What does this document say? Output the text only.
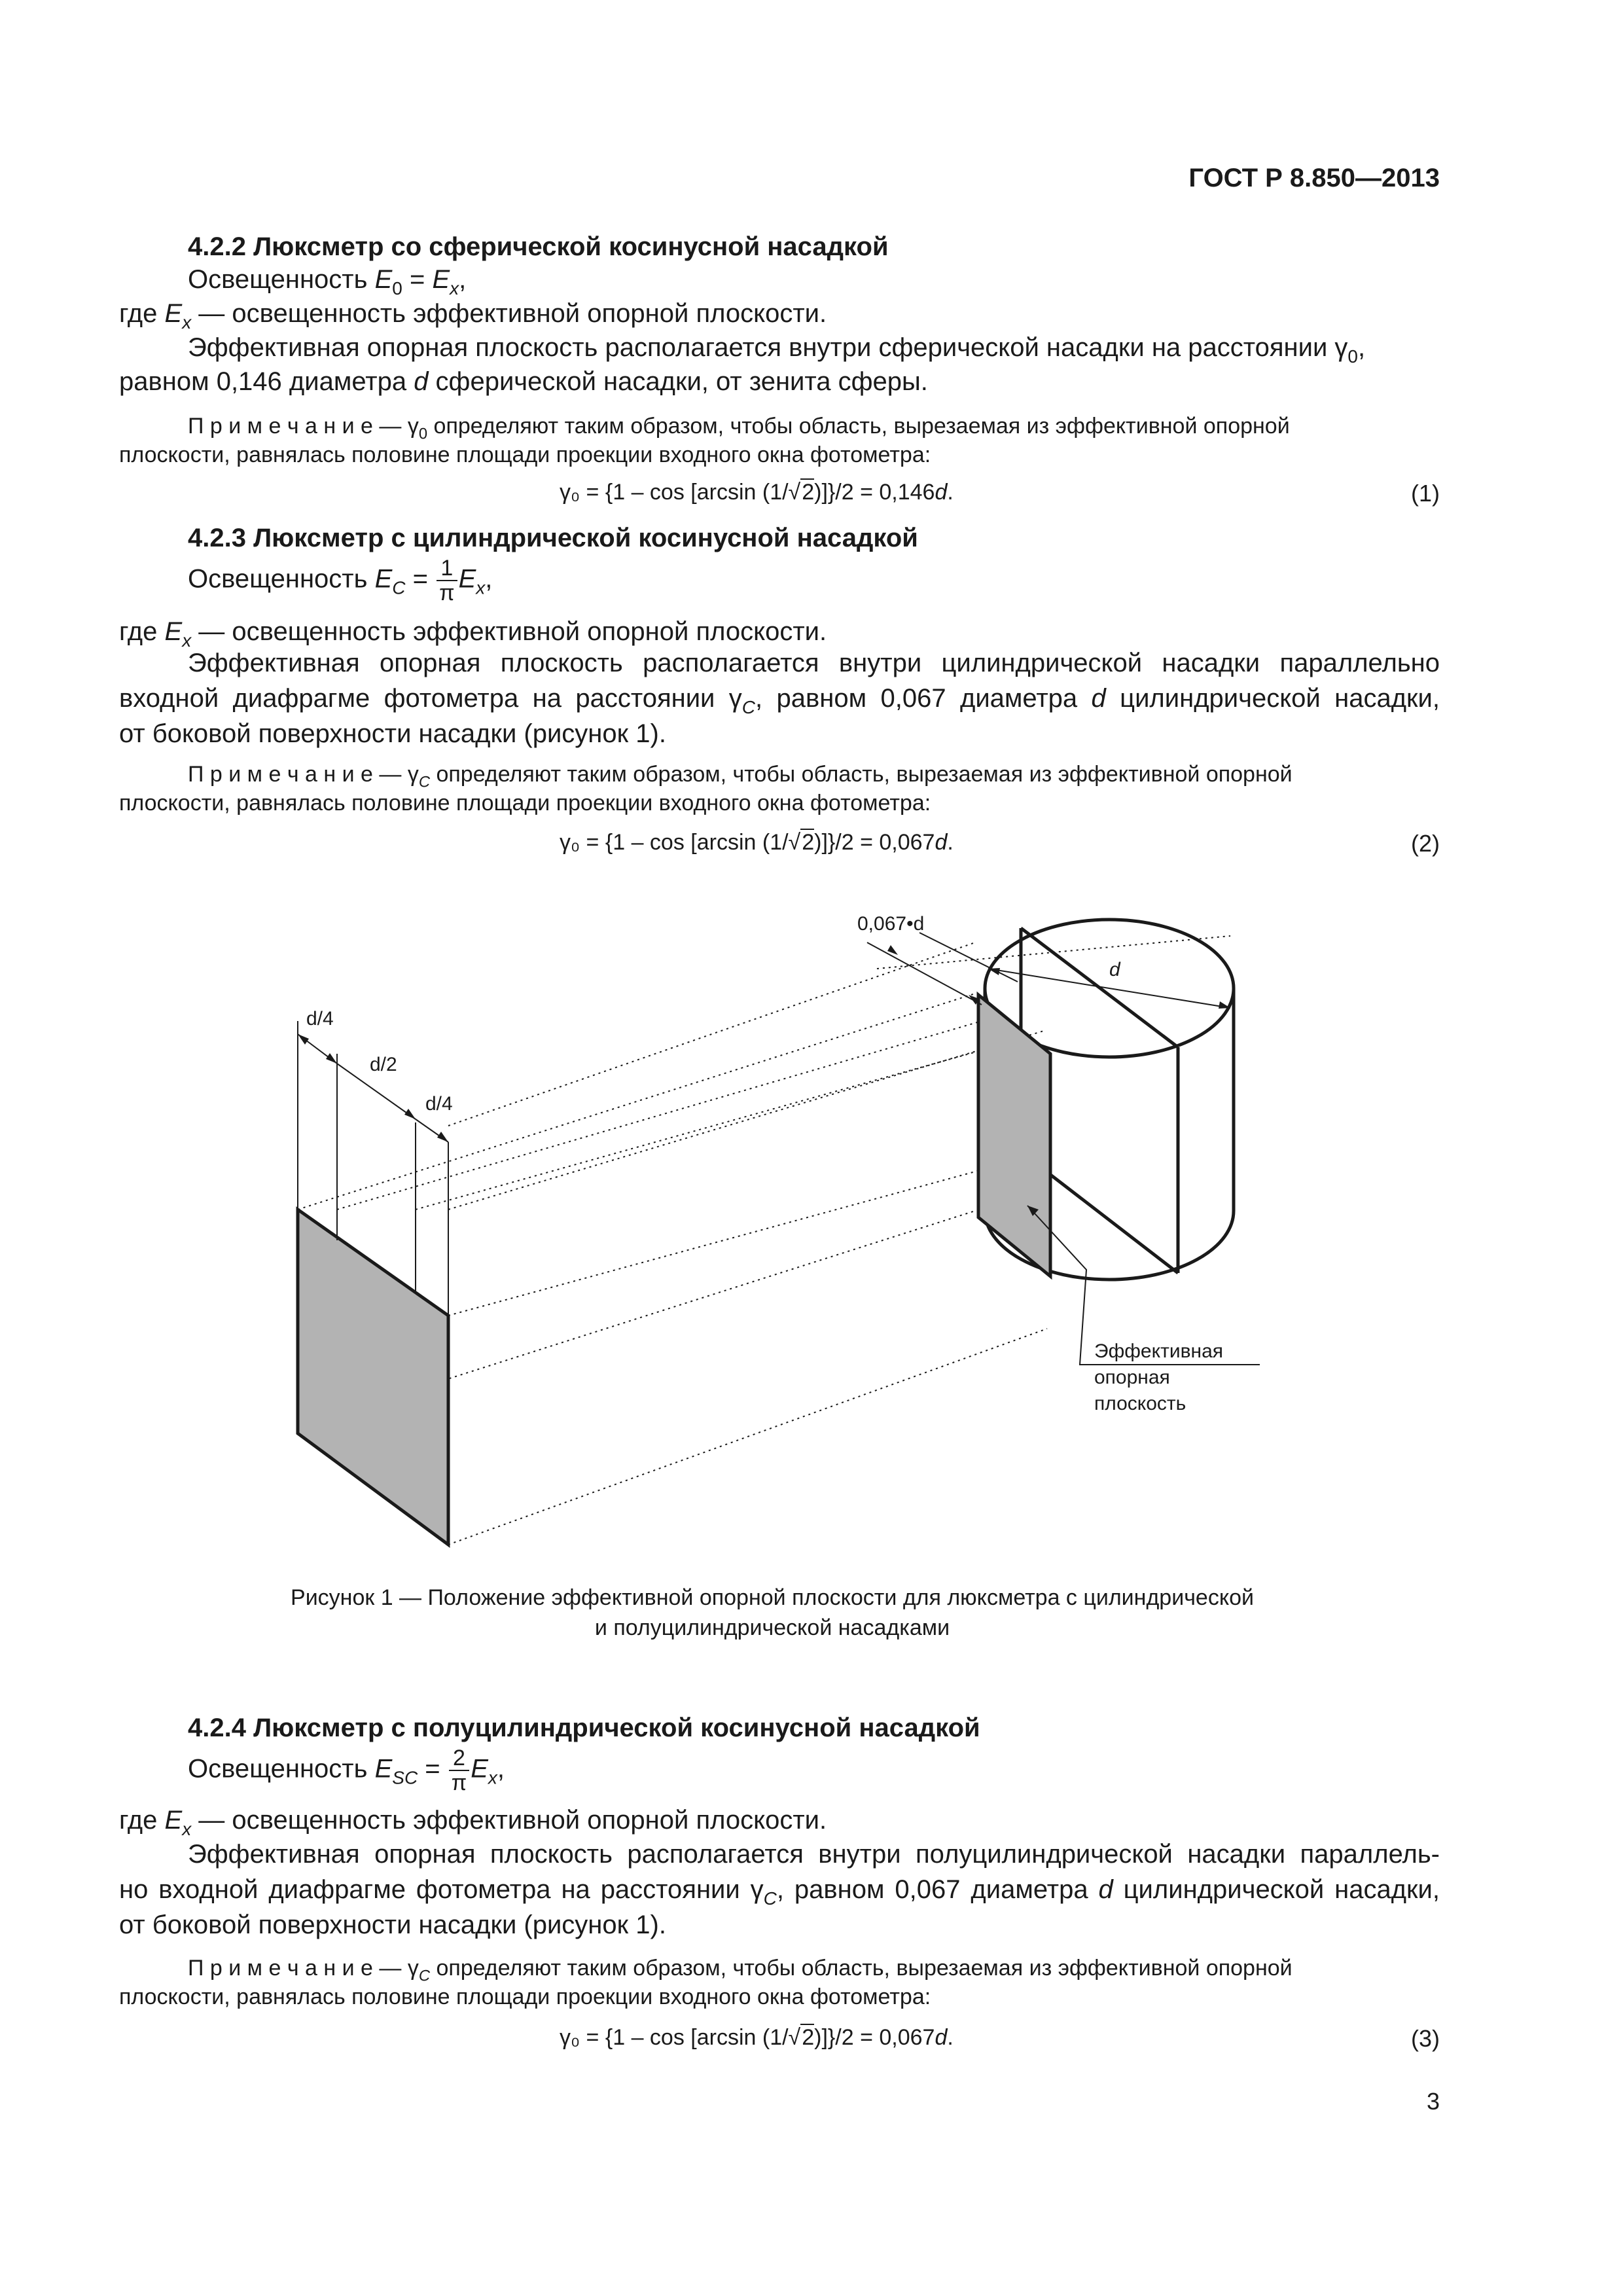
ГОСТ Р 8.850—2013
4.2.2 Люксметр со сферической косинусной насадкой
Освещенность $E_0 = E_x$,
где $E_x$ — освещенность эффективной опорной плоскости.
Эффективная опорная плоскость располагается внутри сферической насадки на расстоянии $\gamma_0$,
равном 0,146 диаметра d сферической насадки, от зенита сферы.
П р и м е ч а н и е — $\gamma_0$ определяют таким образом, чтобы область, вырезаемая из эффективной опорной
плоскости, равнялась половине площади проекции входного окна фотометра:
γ₀ = {1 – cos [arcsin (1/√2)]}/2 = 0,146d.	(1)
4.2.3 Люксметр с цилиндрической косинусной насадкой
Освещенность $E_C = \frac{1}{\pi} E_x$,
где $E_x$ — освещенность эффективной опорной плоскости.
Эффективная опорная плоскость располагается внутри цилиндрической насадки параллельно
входной диафрагме фотометра на расстоянии $\gamma_C$, равном 0,067 диаметра d цилиндрической насадки,
от боковой поверхности насадки (рисунок 1).
П р и м е ч а н и е — $\gamma_C$ определяют таким образом, чтобы область, вырезаемая из эффективной опорной
плоскости, равнялась половине площади проекции входного окна фотометра:
γ₀ = {1 – cos [arcsin (1/√2)]}/2 = 0,067d.	(2)
0,067•d
d
d/4
d/2
d/4
Эффективная
опорная
плоскость
Рисунок 1 — Положение эффективной опорной плоскости для люксметра с цилиндрической
и полуцилиндрической насадками
4.2.4 Люксметр с полуцилиндрической косинусной насадкой
Освещенность $E_{SC} = \frac{2}{\pi} E_x$,
где $E_x$ — освещенность эффективной опорной плоскости.
Эффективная опорная плоскость располагается внутри полуцилиндрической насадки параллель-
но входной диафрагме фотометра на расстоянии $\gamma_C$, равном 0,067 диаметра d цилиндрической насадки,
от боковой поверхности насадки (рисунок 1).
П р и м е ч а н и е — $\gamma_C$ определяют таким образом, чтобы область, вырезаемая из эффективной опорной
плоскости, равнялась половине площади проекции входного окна фотометра:
γ₀ = {1 – cos [arcsin (1/√2)]}/2 = 0,067d.	(3)
3
